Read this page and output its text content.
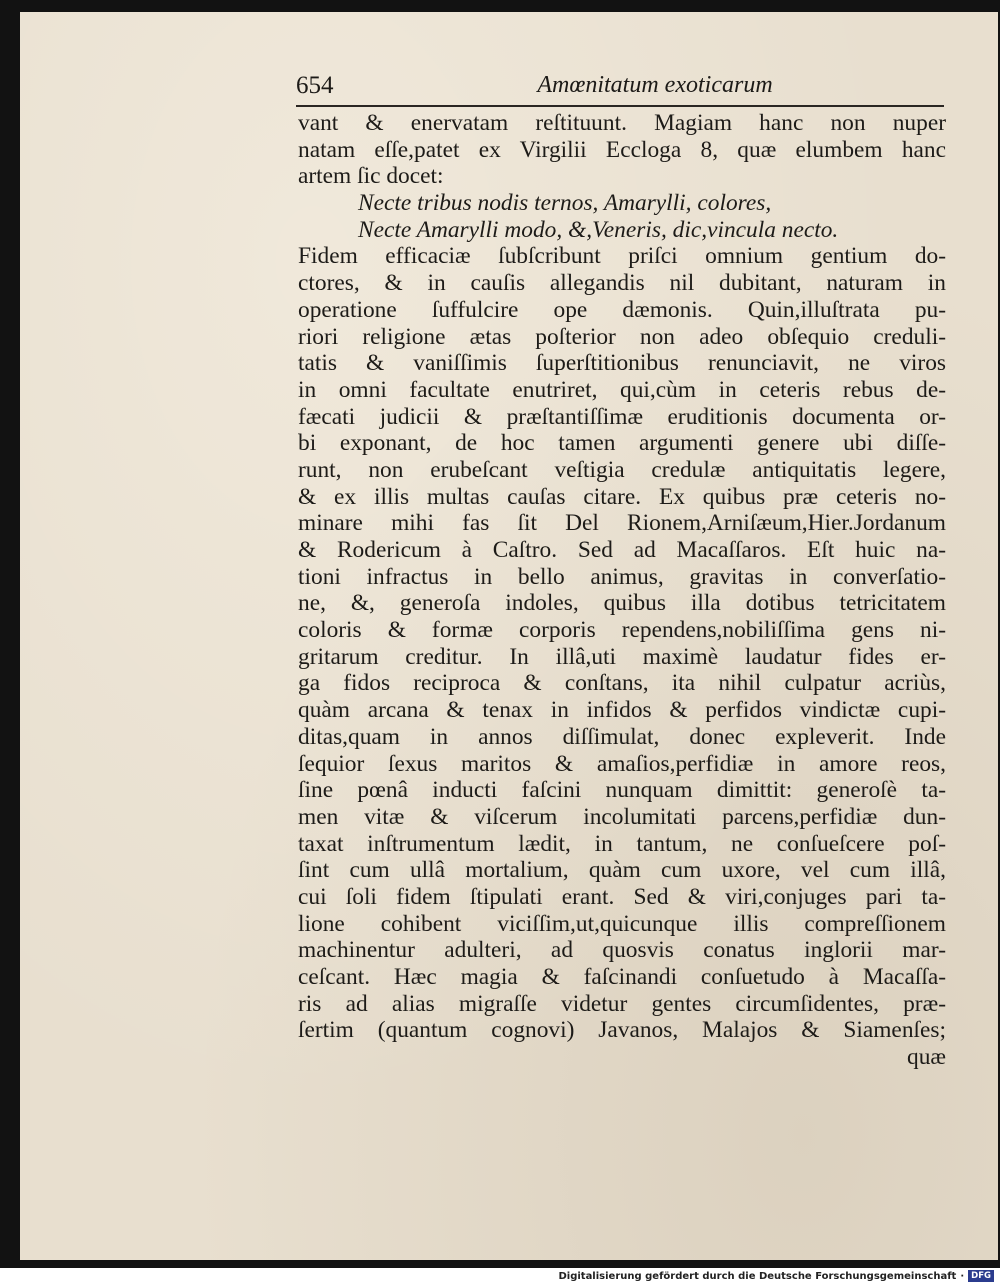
654	Amœnitatum exoticarum
vant & enervatam reſtituunt. Magiam hanc non nuper
natam eſſe,patet ex Virgilii Eccloga 8, quæ elumbem hanc
artem ſic docet:
Necte tribus nodis ternos, Amarylli, colores,
Necte Amarylli modo, &,Veneris, dic,vincula necto.
Fidem efficaciæ ſubſcribunt priſci omnium gentium do-
ctores, & in cauſis allegandis nil dubitant, naturam in
operatione ſuffulcire ope dæmonis. Quin,illuſtrata pu-
riori religione ætas poſterior non adeo obſequio creduli-
tatis & vaniſſimis ſuperſtitionibus renunciavit, ne viros
in omni facultate enutriret, qui,cùm in ceteris rebus de-
fæcati judicii & præſtantiſſimæ eruditionis documenta or-
bi exponant, de hoc tamen argumenti genere ubi diſſe-
runt, non erubeſcant veſtigia credulæ antiquitatis legere,
& ex illis multas cauſas citare. Ex quibus præ ceteris no-
minare mihi fas ſit Del Rionem,Arniſæum,Hier.Jordanum
& Rodericum à Caſtro. Sed ad Macaſſaros. Eſt huic na-
tioni infractus in bello animus, gravitas in converſatio-
ne, &, generoſa indoles, quibus illa dotibus tetricitatem
coloris & formæ corporis rependens,nobiliſſima gens ni-
gritarum creditur. In illâ,uti maximè laudatur fides er-
ga fidos reciproca & conſtans, ita nihil culpatur acriùs,
quàm arcana & tenax in infidos & perfidos vindictæ cupi-
ditas,quam in annos diſſimulat, donec expleverit. Inde
ſequior ſexus maritos & amaſios,perfidiæ in amore reos,
ſine pœnâ inducti faſcini nunquam dimittit: generoſè ta-
men vitæ & viſcerum incolumitati parcens,perfidiæ dun-
taxat inſtrumentum lædit, in tantum, ne conſueſcere poſ-
ſint cum ullâ mortalium, quàm cum uxore, vel cum illâ,
cui ſoli fidem ſtipulati erant. Sed & viri,conjuges pari ta-
lione cohibent viciſſim,ut,quicunque illis compreſſionem
machinentur adulteri, ad quosvis conatus inglorii mar-
ceſcant. Hæc magia & faſcinandi conſuetudo à Macaſſa-
ris ad alias migraſſe videtur gentes circumſidentes, præ-
ſertim (quantum cognovi) Javanos, Malajos & Siamenſes;
quæ
Digitalisierung gefördert durch die Deutsche Forschungsgemeinschaft · DFG
